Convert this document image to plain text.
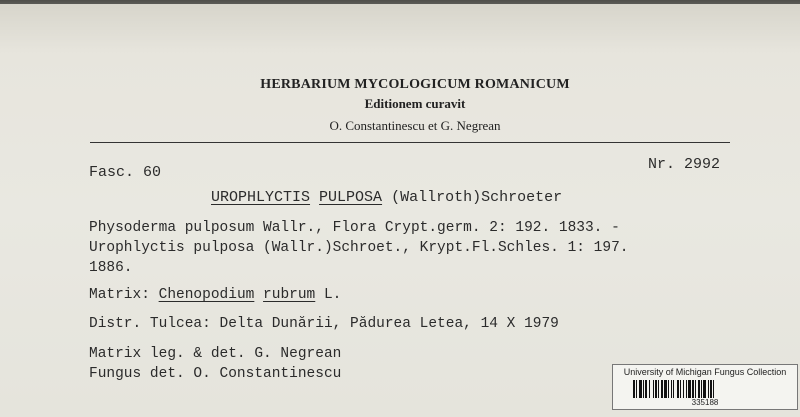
HERBARIUM MYCOLOGICUM ROMANICUM
Editionem curavit
O. Constantinescu et G. Negrean
Fasc. 60	Nr. 2992
UROPHLYCTIS PULPOSA (Wallroth)Schroeter
Physoderma pulposum Wallr., Flora Crypt.germ. 2: 192. 1833. -
Urophlyctis pulposa (Wallr.)Schroet., Krypt.Fl.Schles. 1: 197.
1886.
Matrix: Chenopodium rubrum L.
Distr. Tulcea: Delta Dunării, Pădurea Letea, 14 X 1979
Matrix leg. & det. G. Negrean
Fungus det. O. Constantinescu	University of Michigan Fungus Collection
335188
